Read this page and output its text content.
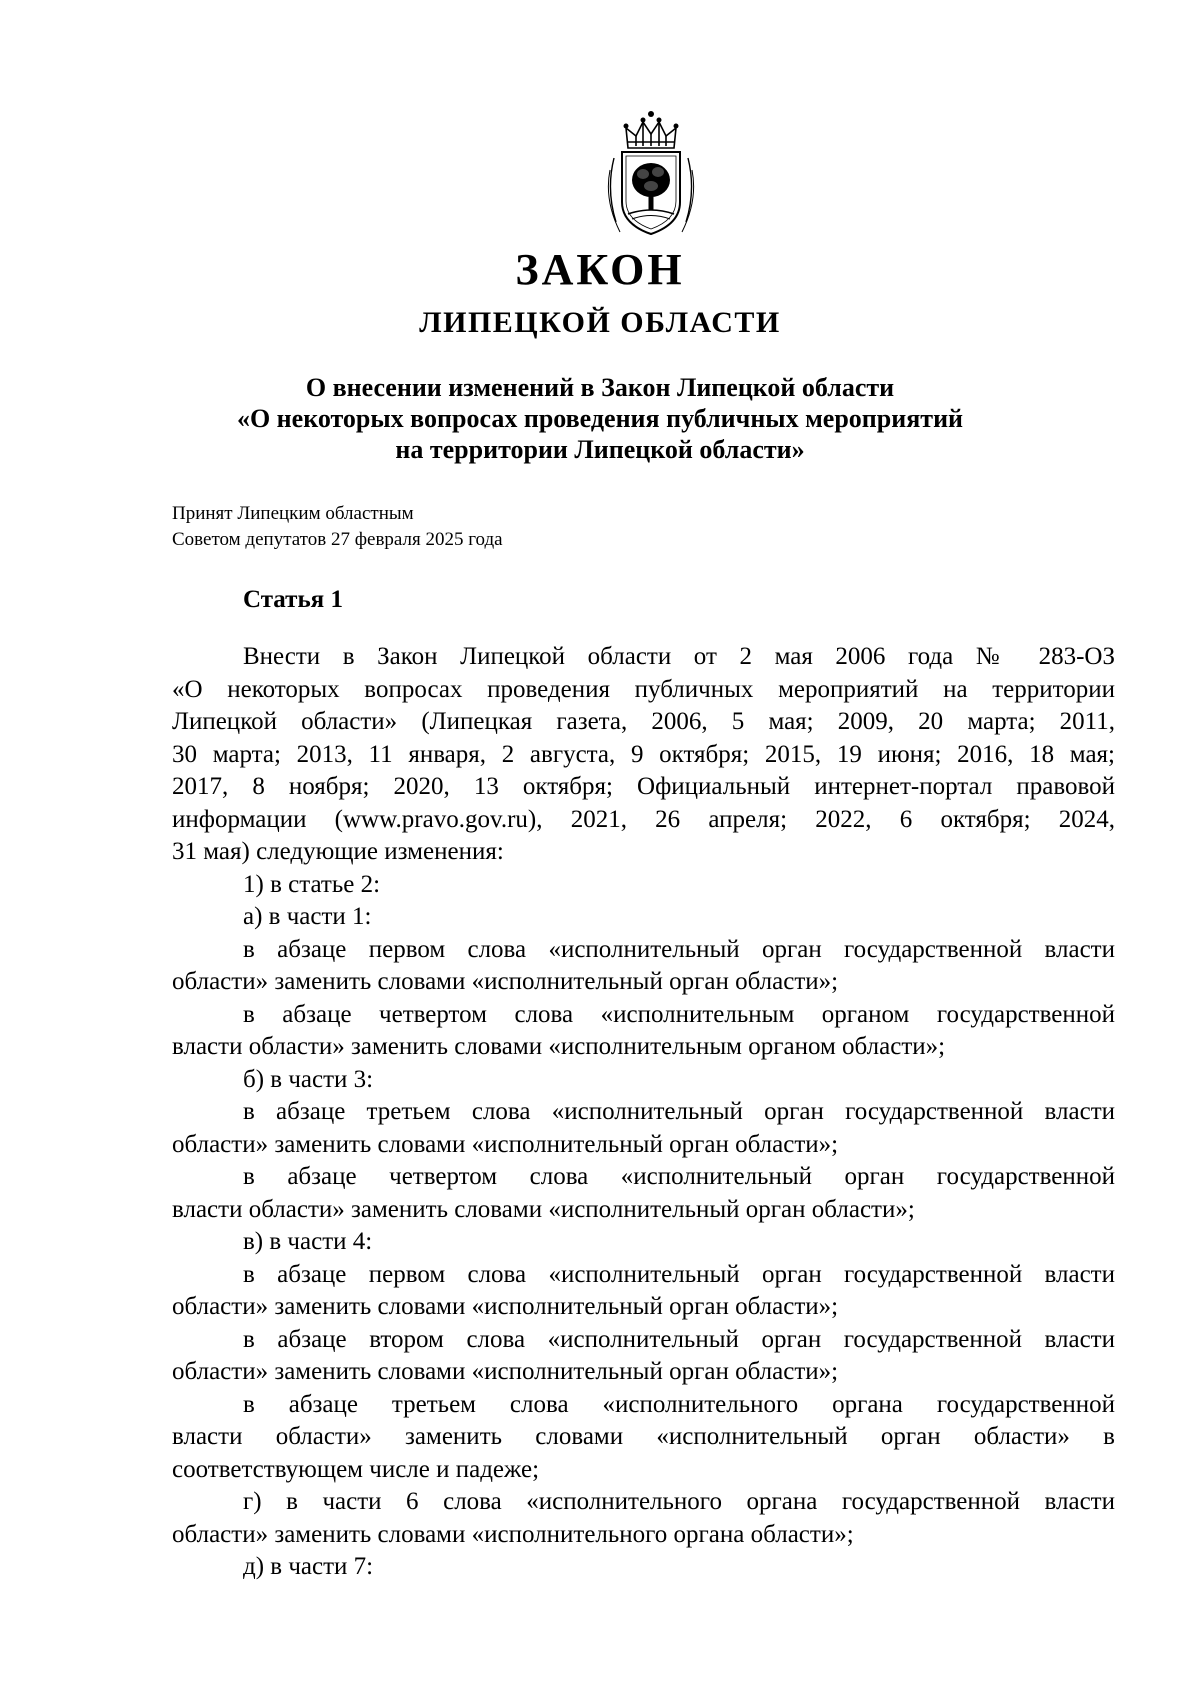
ЗАКОН
ЛИПЕЦКОЙ ОБЛАСТИ
О внесении изменений в Закон Липецкой области
«О некоторых вопросах проведения публичных мероприятий
на территории Липецкой области»
Принят Липецким областным
Советом депутатов 27 февраля 2025 года
Статья 1
Внести в Закон Липецкой области от 2 мая 2006 года № 283-ОЗ
«О некоторых вопросах проведения публичных мероприятий на территории
Липецкой области» (Липецкая газета, 2006, 5 мая; 2009, 20 марта; 2011,
30 марта; 2013, 11 января, 2 августа, 9 октября; 2015, 19 июня; 2016, 18 мая;
2017, 8 ноября; 2020, 13 октября; Официальный интернет-портал правовой
информации (www.pravo.gov.ru), 2021, 26 апреля; 2022, 6 октября; 2024,
31 мая) следующие изменения:
1) в статье 2:
а) в части 1:
в абзаце первом слова «исполнительный орган государственной власти
области» заменить словами «исполнительный орган области»;
в абзаце четвертом слова «исполнительным органом государственной
власти области» заменить словами «исполнительным органом области»;
б) в части 3:
в абзаце третьем слова «исполнительный орган государственной власти
области» заменить словами «исполнительный орган области»;
в абзаце четвертом слова «исполнительный орган государственной
власти области» заменить словами «исполнительный орган области»;
в) в части 4:
в абзаце первом слова «исполнительный орган государственной власти
области» заменить словами «исполнительный орган области»;
в абзаце втором слова «исполнительный орган государственной власти
области» заменить словами «исполнительный орган области»;
в абзаце третьем слова «исполнительного органа государственной
власти области» заменить словами «исполнительный орган области» в
соответствующем числе и падеже;
г) в части 6 слова «исполнительного органа государственной власти
области» заменить словами «исполнительного органа области»;
д) в части 7:
